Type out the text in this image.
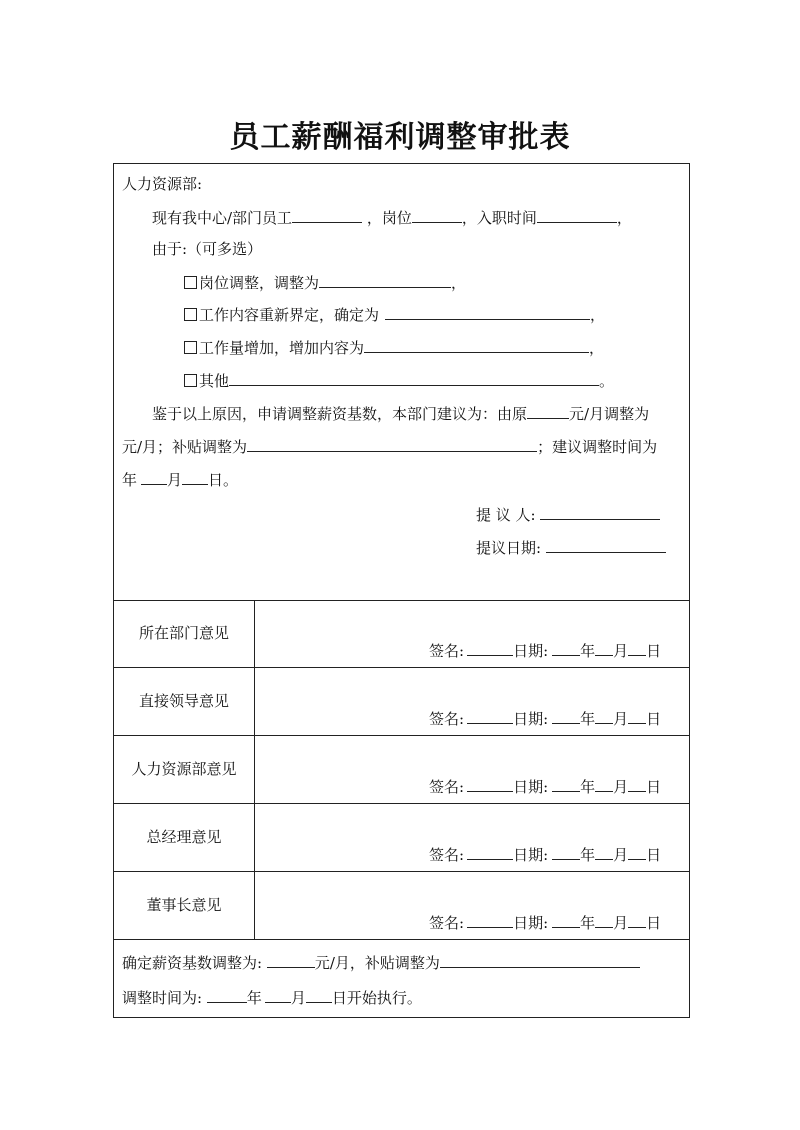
员工薪酬福利调整审批表
人力资源部:
现有我中心/部门员工	，岗位	，入职时间	，
由于:（可多选）
岗位调整，调整为	，
工作内容重新界定，确定为	，
工作量增加，增加内容为	，
其他	。
鉴于以上原因，申请调整薪资基数，本部门建议为：由原	元/月调整为
元/月；补贴调整为	；建议调整时间为
年 月 日。
提 议 人:
提议日期:
所在部门意见
签名:	日期: 年 月 日
直接领导意见
签名:	日期: 年 月 日
人力资源部意见
签名:	日期: 年 月 日
总经理意见
签名:	日期: 年 月 日
董事长意见
签名:	日期: 年 月 日
确定薪资基数调整为:	元/月，补贴调整为
调整时间为:	年 月 日开始执行。
